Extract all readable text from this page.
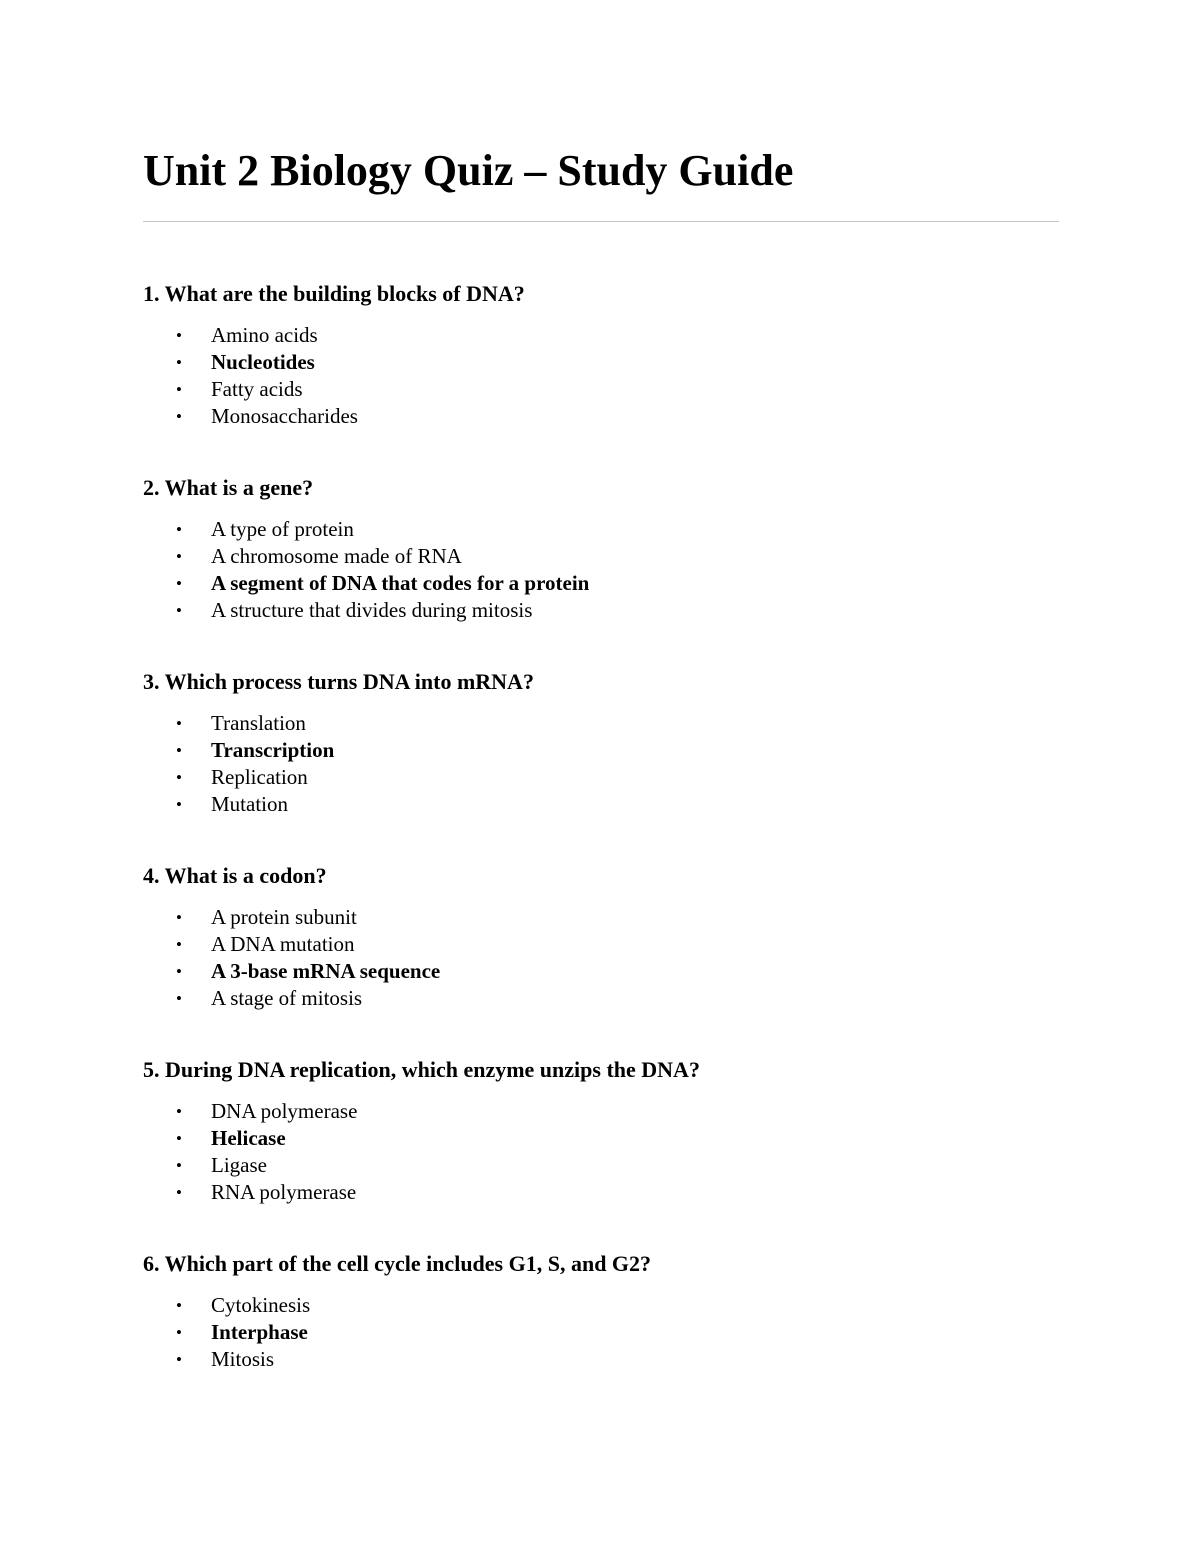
Unit 2 Biology Quiz – Study Guide

1. What are the building blocks of DNA?

• Amino acids
• Nucleotides
• Fatty acids
• Monosaccharides

2. What is a gene?

• A type of protein
• A chromosome made of RNA
• A segment of DNA that codes for a protein
• A structure that divides during mitosis

3. Which process turns DNA into mRNA?

• Translation
• Transcription
• Replication
• Mutation

4. What is a codon?

• A protein subunit
• A DNA mutation
• A 3-base mRNA sequence
• A stage of mitosis

5. During DNA replication, which enzyme unzips the DNA?

• DNA polymerase
• Helicase
• Ligase
• RNA polymerase

6. Which part of the cell cycle includes G1, S, and G2?

• Cytokinesis
• Interphase
• Mitosis
